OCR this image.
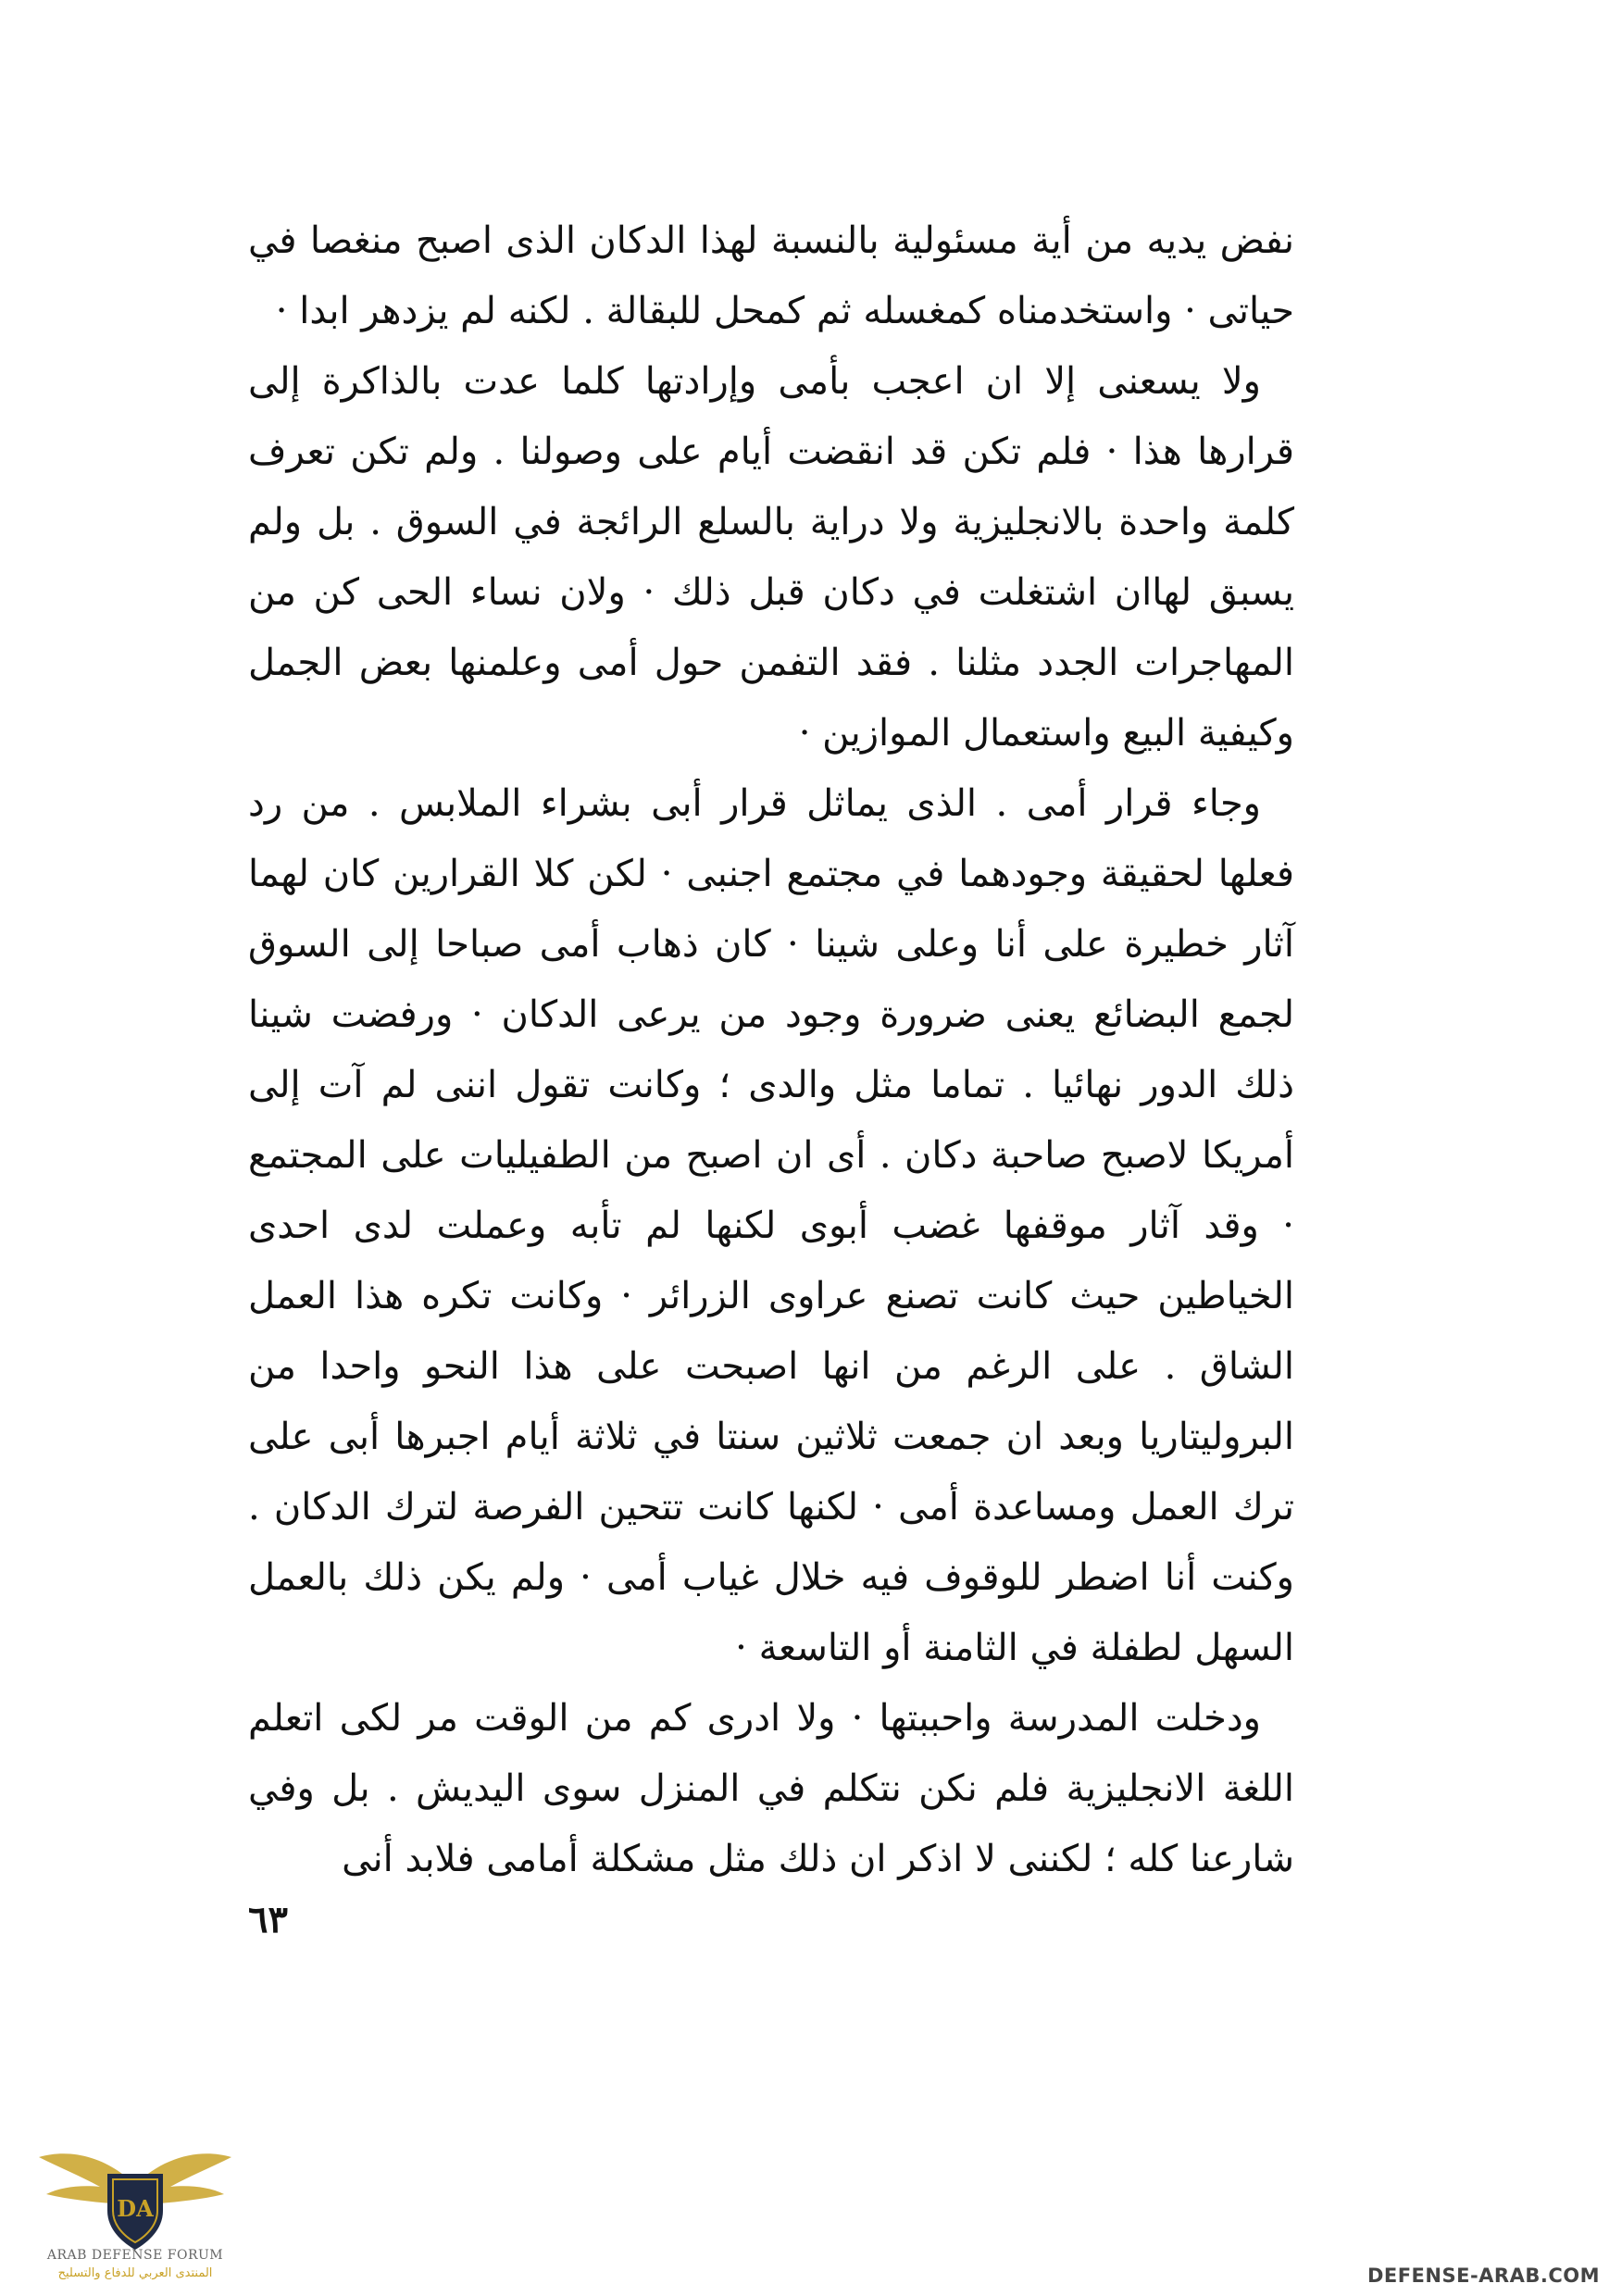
نفض يديه من أية مسئولية بالنسبة لهذا الدكان الذى اصبح منغصا في حياتى · واستخدمناه كمغسله ثم كمحل للبقالة . لكنه لم يزدهر ابدا ·

ولا يسعنى إلا ان اعجب بأمى وإرادتها كلما عدت بالذاكرة إلى قرارها هذا · فلم تكن قد انقضت أيام على وصولنا . ولم تكن تعرف كلمة واحدة بالانجليزية ولا دراية بالسلع الرائجة في السوق . بل ولم يسبق لهاان اشتغلت في دكان قبل ذلك · ولان نساء الحى كن من المهاجرات الجدد مثلنا . فقد التفمن حول أمى وعلمنها بعض الجمل وكيفية البيع واستعمال الموازين ·

وجاء قرار أمى . الذى يماثل قرار أبى بشراء الملابس . من رد فعلها لحقيقة وجودهما في مجتمع اجنبى · لكن كلا القرارين كان لهما آثار خطيرة على أنا وعلى شينا · كان ذهاب أمى صباحا إلى السوق لجمع البضائع يعنى ضرورة وجود من يرعى الدكان · ورفضت شينا ذلك الدور نهائيا . تماما مثل والدى ؛ وكانت تقول اننى لم آت إلى أمريكا لاصبح صاحبة دكان . أى ان اصبح من الطفيليات على المجتمع · وقد آثار موقفها غضب أبوى لكنها لم تأبه وعملت لدى احدى الخياطين حيث كانت تصنع عراوى الزرائر · وكانت تكره هذا العمل الشاق . على الرغم من انها اصبحت على هذا النحو واحدا من البروليتاريا وبعد ان جمعت ثلاثين سنتا في ثلاثة أيام اجبرها أبى على ترك العمل ومساعدة أمى · لكنها كانت تتحين الفرصة لترك الدكان . وكنت أنا اضطر للوقوف فيه خلال غياب أمى · ولم يكن ذلك بالعمل السهل لطفلة في الثامنة أو التاسعة ·

ودخلت المدرسة واحببتها · ولا ادرى كم من الوقت مر لكى اتعلم اللغة الانجليزية فلم نكن نتكلم في المنزل سوى اليديش . بل وفي شارعنا كله ؛ لكننى لا اذكر ان ذلك مثل مشكلة أمامى فلابد أنى

٦٣
DA
ARAB DEFENSE FORUM
المنتدى العربي للدفاع والتسليح	DEFENSE-ARAB.COM
